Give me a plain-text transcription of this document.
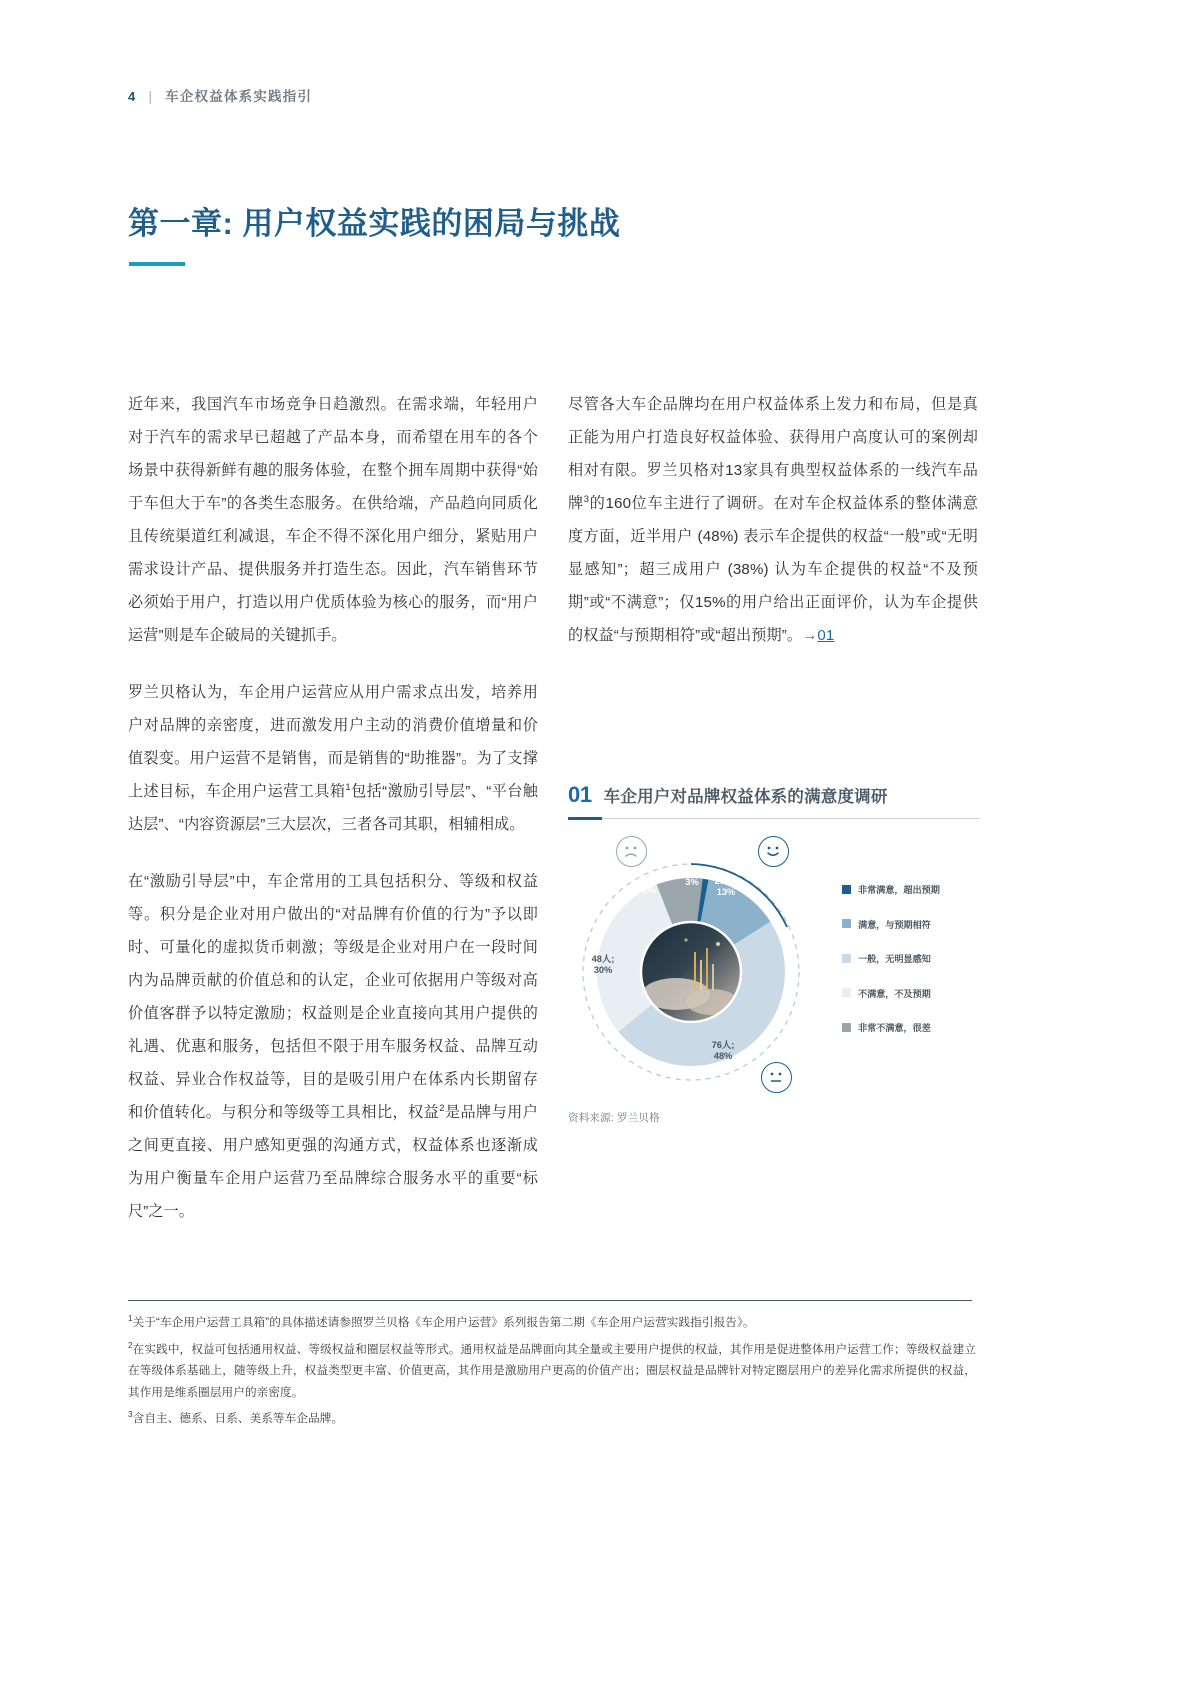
4 | 车企权益体系实践指引
第一章: 用户权益实践的困局与挑战

近年来，我国汽车市场竞争日趋激烈。在需求端，年轻用户对于汽车的需求早已超越了产品本身，而希望在用车的各个场景中获得新鲜有趣的服务体验，在整个拥车周期中获得“始于车但大于车”的各类生态服务。在供给端，产品趋向同质化且传统渠道红利减退，车企不得不深化用户细分，紧贴用户需求设计产品、提供服务并打造生态。因此，汽车销售环节必须始于用户，打造以用户优质体验为核心的服务，而“用户运营”则是车企破局的关键抓手。

罗兰贝格认为，车企用户运营应从用户需求点出发，培养用户对品牌的亲密度，进而激发用户主动的消费价值增量和价值裂变。用户运营不是销售，而是销售的“助推器”。为了支撑上述目标，车企用户运营工具箱$^1$包括“激励引导层”、“平台触达层”、“内容资源层”三大层次，三者各司其职，相辅相成。

在“激励引导层”中，车企常用的工具包括积分、等级和权益等。积分是企业对用户做出的“对品牌有价值的行为”予以即时、可量化的虚拟货币刺激；等级是企业对用户在一段时间内为品牌贡献的价值总和的认定，企业可依据用户等级对高价值客群予以特定激励；权益则是企业直接向其用户提供的礼遇、优惠和服务，包括但不限于用车服务权益、品牌互动权益、异业合作权益等，目的是吸引用户在体系内长期留存和价值转化。与积分和等级等工具相比，权益$^2$是品牌与用户之间更直接、用户感知更强的沟通方式，权益体系也逐渐成为用户衡量车企用户运营乃至品牌综合服务水平的重要“标尺”之一。

尽管各大车企品牌均在用户权益体系上发力和布局，但是真正能为用户打造良好权益体验、获得用户高度认可的案例却相对有限。罗兰贝格对13家具有典型权益体系的一线汽车品牌$^3$的160位车主进行了调研。在对车企权益体系的整体满意度方面，近半用户 (48%) 表示车企提供的权益“一般”或“无明显感知”；超三成用户 (38%) 认为车企提供的权益“不及预期”或“不满意”；仅15%的用户给出正面评价，认为车企提供的权益“与预期相符”或“超出预期”。→01

01 车企用户对品牌权益体系的满意度调研
4人;
3%	20人;
13%
76人;
48%
48人;
30%
12人;
8%	非常满意，超出预期
满意，与预期相符
一般，无明显感知
不满意，不及预期
非常不满意，很差
资料来源: 罗兰贝格

$^1$关于“车企用户运营工具箱”的具体描述请参照罗兰贝格《车企用户运营》系列报告第二期《车企用户运营实践指引报告》。

$^2$在实践中，权益可包括通用权益、等级权益和圈层权益等形式。通用权益是品牌面向其全量或主要用户提供的权益，其作用是促进整体用户运营工作；等级权益建立在等级体系基础上，随等级上升，权益类型更丰富、价值更高，其作用是激励用户更高的价值产出；圈层权益是品牌针对特定圈层用户的差异化需求所提供的权益，其作用是维系圈层用户的亲密度。

$^3$含自主、德系、日系、美系等车企品牌。
